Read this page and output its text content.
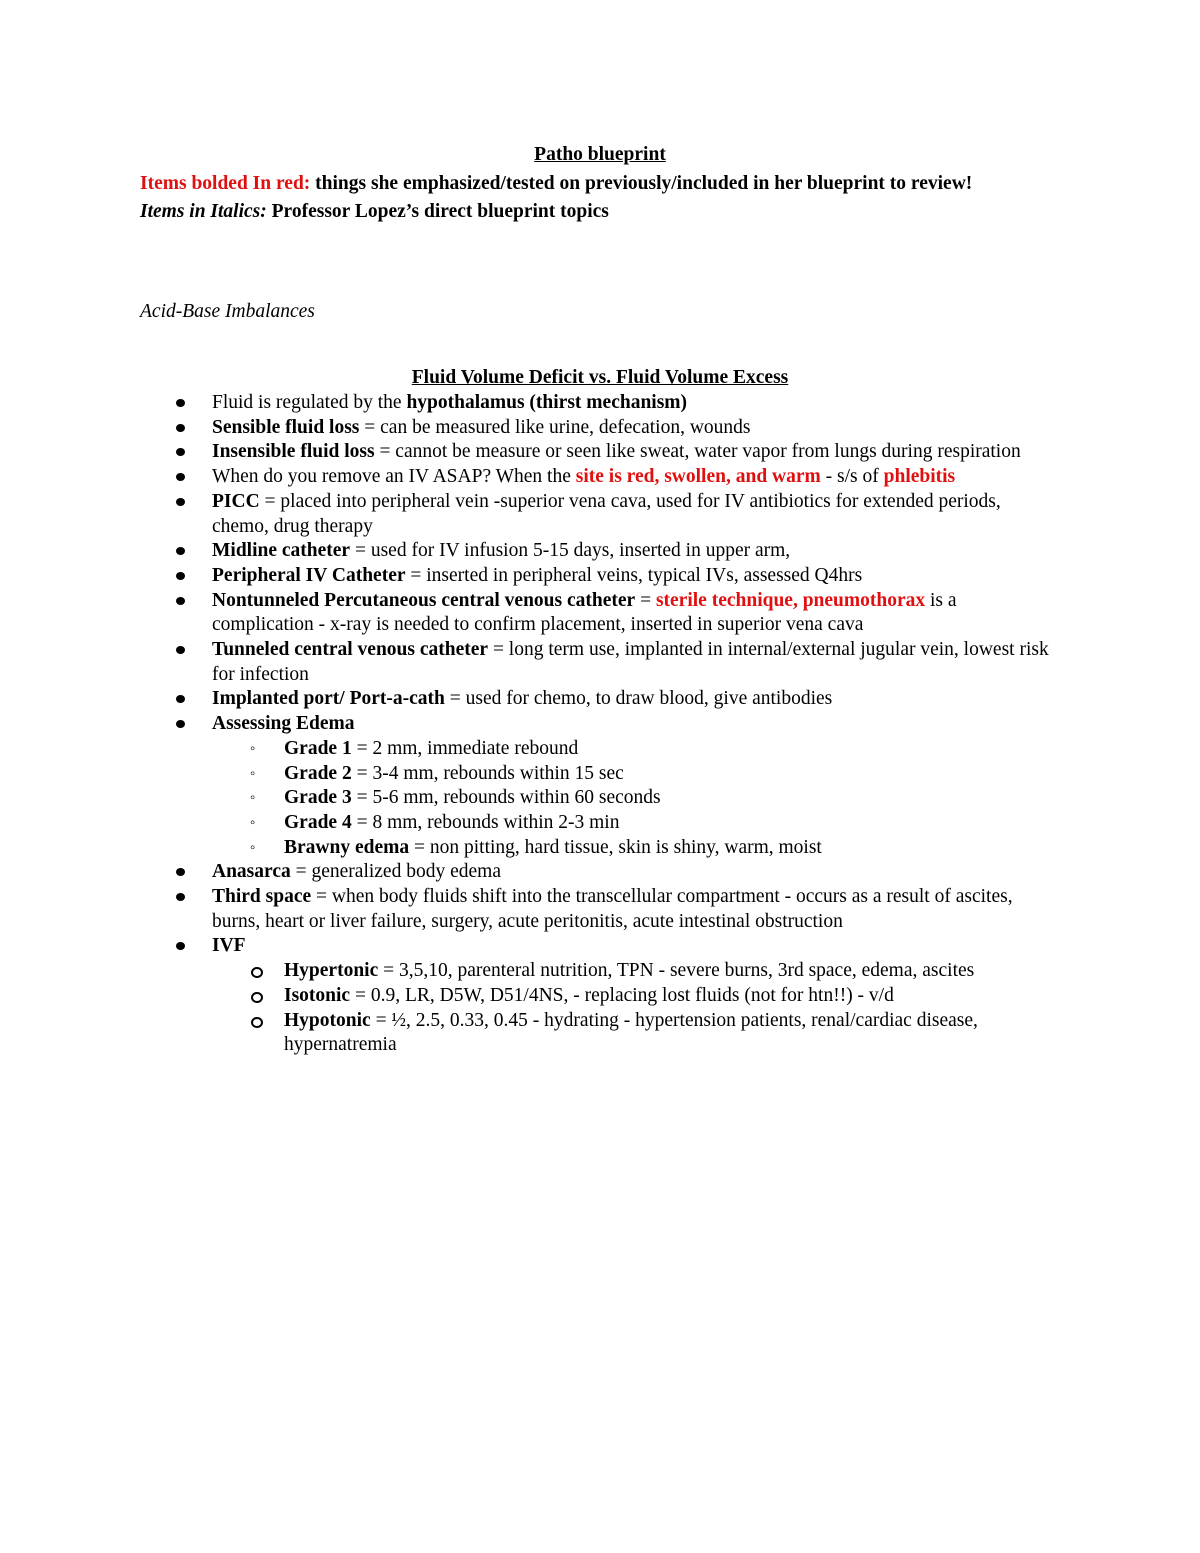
Patho blueprint
Items bolded In red: things she emphasized/tested on previously/included in her blueprint to review!
Items in Italics: Professor Lopez’s direct blueprint topics
Acid-Base Imbalances
Fluid Volume Deficit vs. Fluid Volume Excess
Fluid is regulated by the hypothalamus (thirst mechanism)
Sensible fluid loss = can be measured like urine, defecation, wounds
Insensible fluid loss = cannot be measure or seen like sweat, water vapor from lungs during respiration
When do you remove an IV ASAP? When the site is red, swollen, and warm - s/s of phlebitis
PICC = placed into peripheral vein -superior vena cava, used for IV antibiotics for extended periods, chemo, drug therapy
Midline catheter = used for IV infusion 5-15 days, inserted in upper arm,
Peripheral IV Catheter = inserted in peripheral veins, typical IVs, assessed Q4hrs
Nontunneled Percutaneous central venous catheter = sterile technique, pneumothorax is a complication - x-ray is needed to confirm placement, inserted in superior vena cava
Tunneled central venous catheter = long term use, implanted in internal/external jugular vein, lowest risk for infection
Implanted port/ Port-a-cath = used for chemo, to draw blood, give antibodies
Assessing Edema
◦ Grade 1 = 2 mm, immediate rebound
◦ Grade 2 = 3-4 mm, rebounds within 15 sec
◦ Grade 3 = 5-6 mm, rebounds within 60 seconds
◦ Grade 4 = 8 mm, rebounds within 2-3 min
◦ Brawny edema = non pitting, hard tissue, skin is shiny, warm, moist
Anasarca = generalized body edema
Third space = when body fluids shift into the transcellular compartment - occurs as a result of ascites, burns, heart or liver failure, surgery, acute peritonitis, acute intestinal obstruction
IVF
Hypertonic = 3,5,10, parenteral nutrition, TPN - severe burns, 3rd space, edema, ascites
Isotonic = 0.9, LR, D5W, D51/4NS, - replacing lost fluids (not for htn!!) - v/d
Hypotonic = ½, 2.5, 0.33, 0.45 - hydrating - hypertension patients, renal/cardiac disease, hypernatremia
